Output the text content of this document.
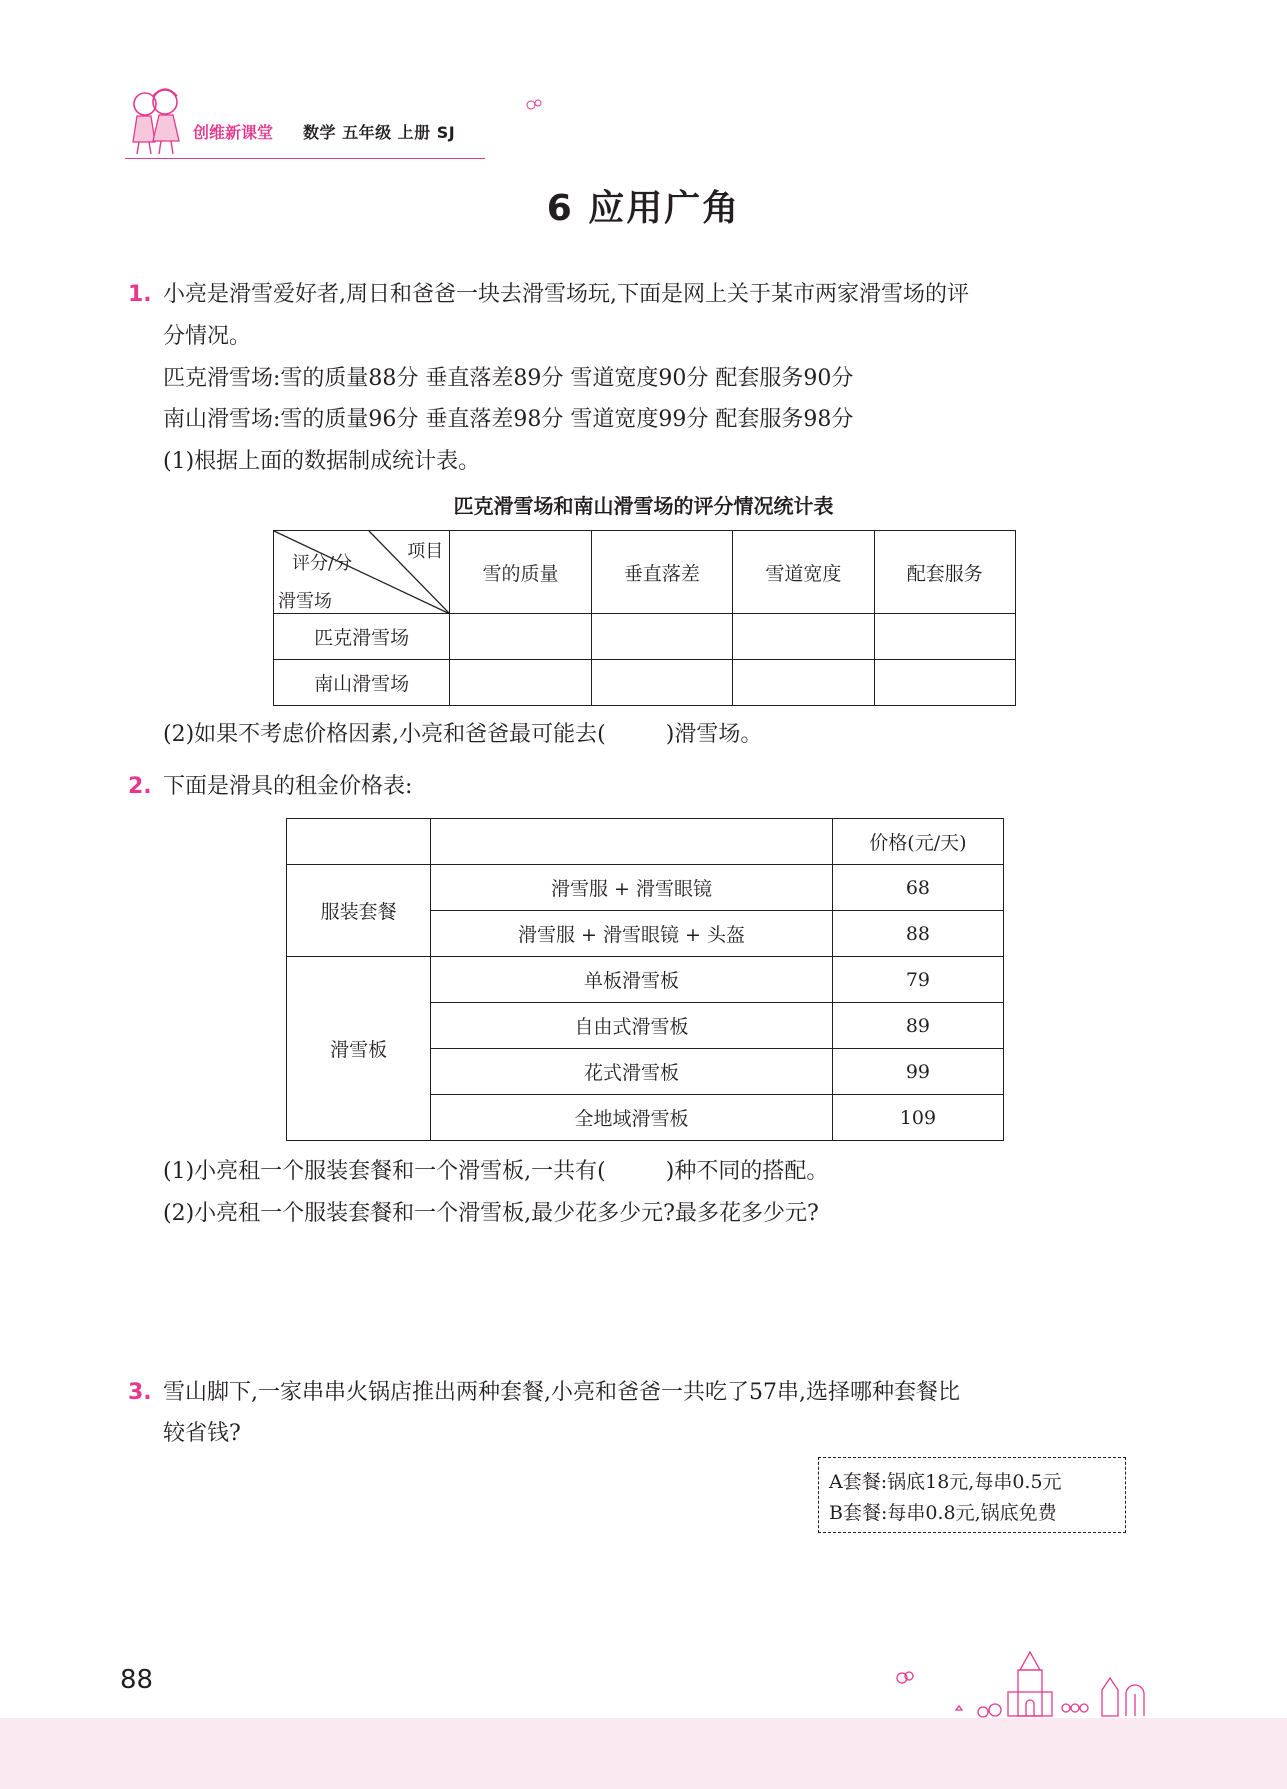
创维新课堂 数学 五年级 上册 SJ
6 应用广角
1. 小亮是滑雪爱好者,周日和爸爸一块去滑雪场玩,下面是网上关于某市两家滑雪场的评
分情况。
匹克滑雪场:雪的质量88分 垂直落差89分 雪道宽度90分 配套服务90分
南山滑雪场:雪的质量96分 垂直落差98分 雪道宽度99分 配套服务98分
(1)根据上面的数据制成统计表。
匹克滑雪场和南山滑雪场的评分情况统计表
项目
评分/分
滑雪场	雪的质量	垂直落差	雪道宽度	配套服务
匹克滑雪场				
南山滑雪场				
(2)如果不考虑价格因素,小亮和爸爸最可能去(	)滑雪场。
2. 下面是滑具的租金价格表:
		价格(元/天)
服装套餐	滑雪服 + 滑雪眼镜	68
	滑雪服 + 滑雪眼镜 + 头盔	88
滑雪板	单板滑雪板	79
	自由式滑雪板	89
	花式滑雪板	99
	全地域滑雪板	109
(1)小亮租一个服装套餐和一个滑雪板,一共有(	)种不同的搭配。
(2)小亮租一个服装套餐和一个滑雪板,最少花多少元?最多花多少元?
3. 雪山脚下,一家串串火锅店推出两种套餐,小亮和爸爸一共吃了57串,选择哪种套餐比
较省钱?
A套餐:锅底18元,每串0.5元
B套餐:每串0.8元,锅底免费
88
